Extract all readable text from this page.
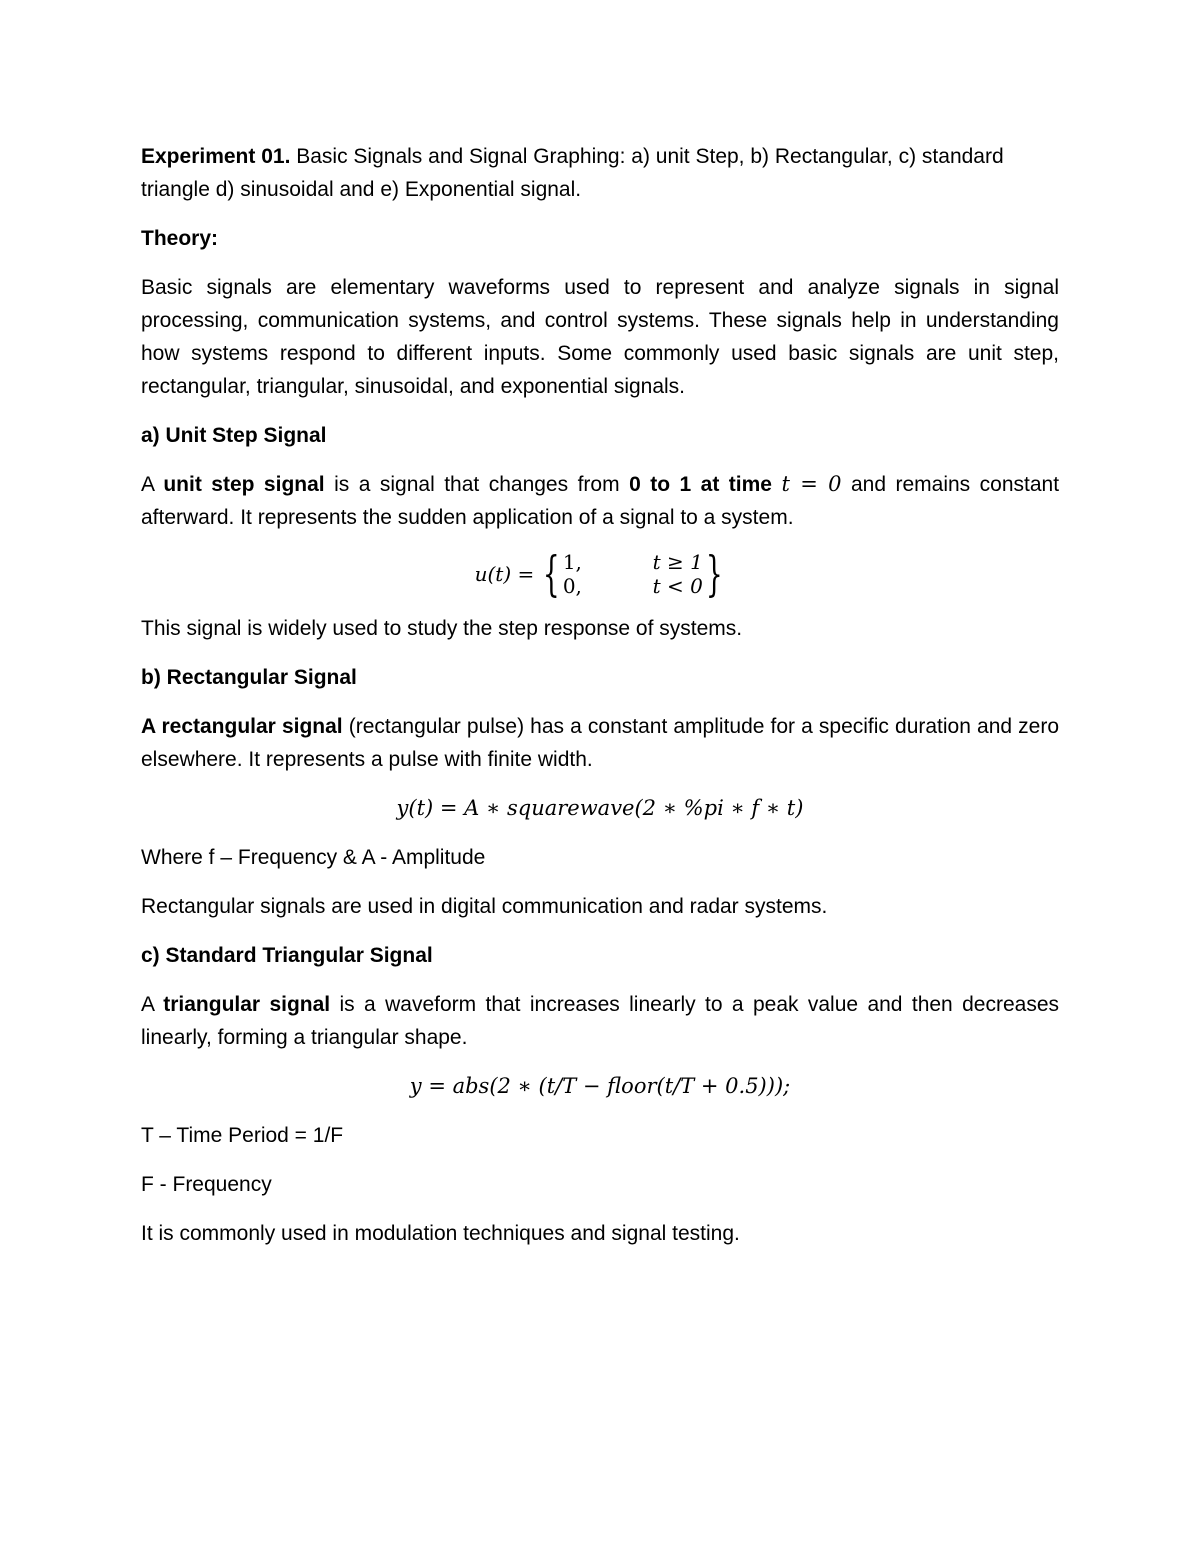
Experiment 01. Basic Signals and Signal Graphing: a) unit Step, b) Rectangular, c) standard triangle d) sinusoidal and e) Exponential signal.

Theory:

Basic signals are elementary waveforms used to represent and analyze signals in signal processing, communication systems, and control systems. These signals help in understanding how systems respond to different inputs. Some commonly used basic signals are unit step, rectangular, triangular, sinusoidal, and exponential signals.

a) Unit Step Signal

A unit step signal is a signal that changes from 0 to 1 at time t = 0 and remains constant afterward. It represents the sudden application of a signal to a system.

u(t) = { 1,	t ≥ 1
0,	t < 0 }

This signal is widely used to study the step response of systems.

b) Rectangular Signal

A rectangular signal (rectangular pulse) has a constant amplitude for a specific duration and zero elsewhere. It represents a pulse with finite width.

y(t) = A ∗ squarewave(2 ∗ %pi ∗ f ∗ t)

Where f – Frequency & A - Amplitude

Rectangular signals are used in digital communication and radar systems.

c) Standard Triangular Signal

A triangular signal is a waveform that increases linearly to a peak value and then decreases linearly, forming a triangular shape.

y = abs(2 ∗ (t/T − floor(t/T + 0.5)));

T – Time Period = 1/F

F - Frequency

It is commonly used in modulation techniques and signal testing.
